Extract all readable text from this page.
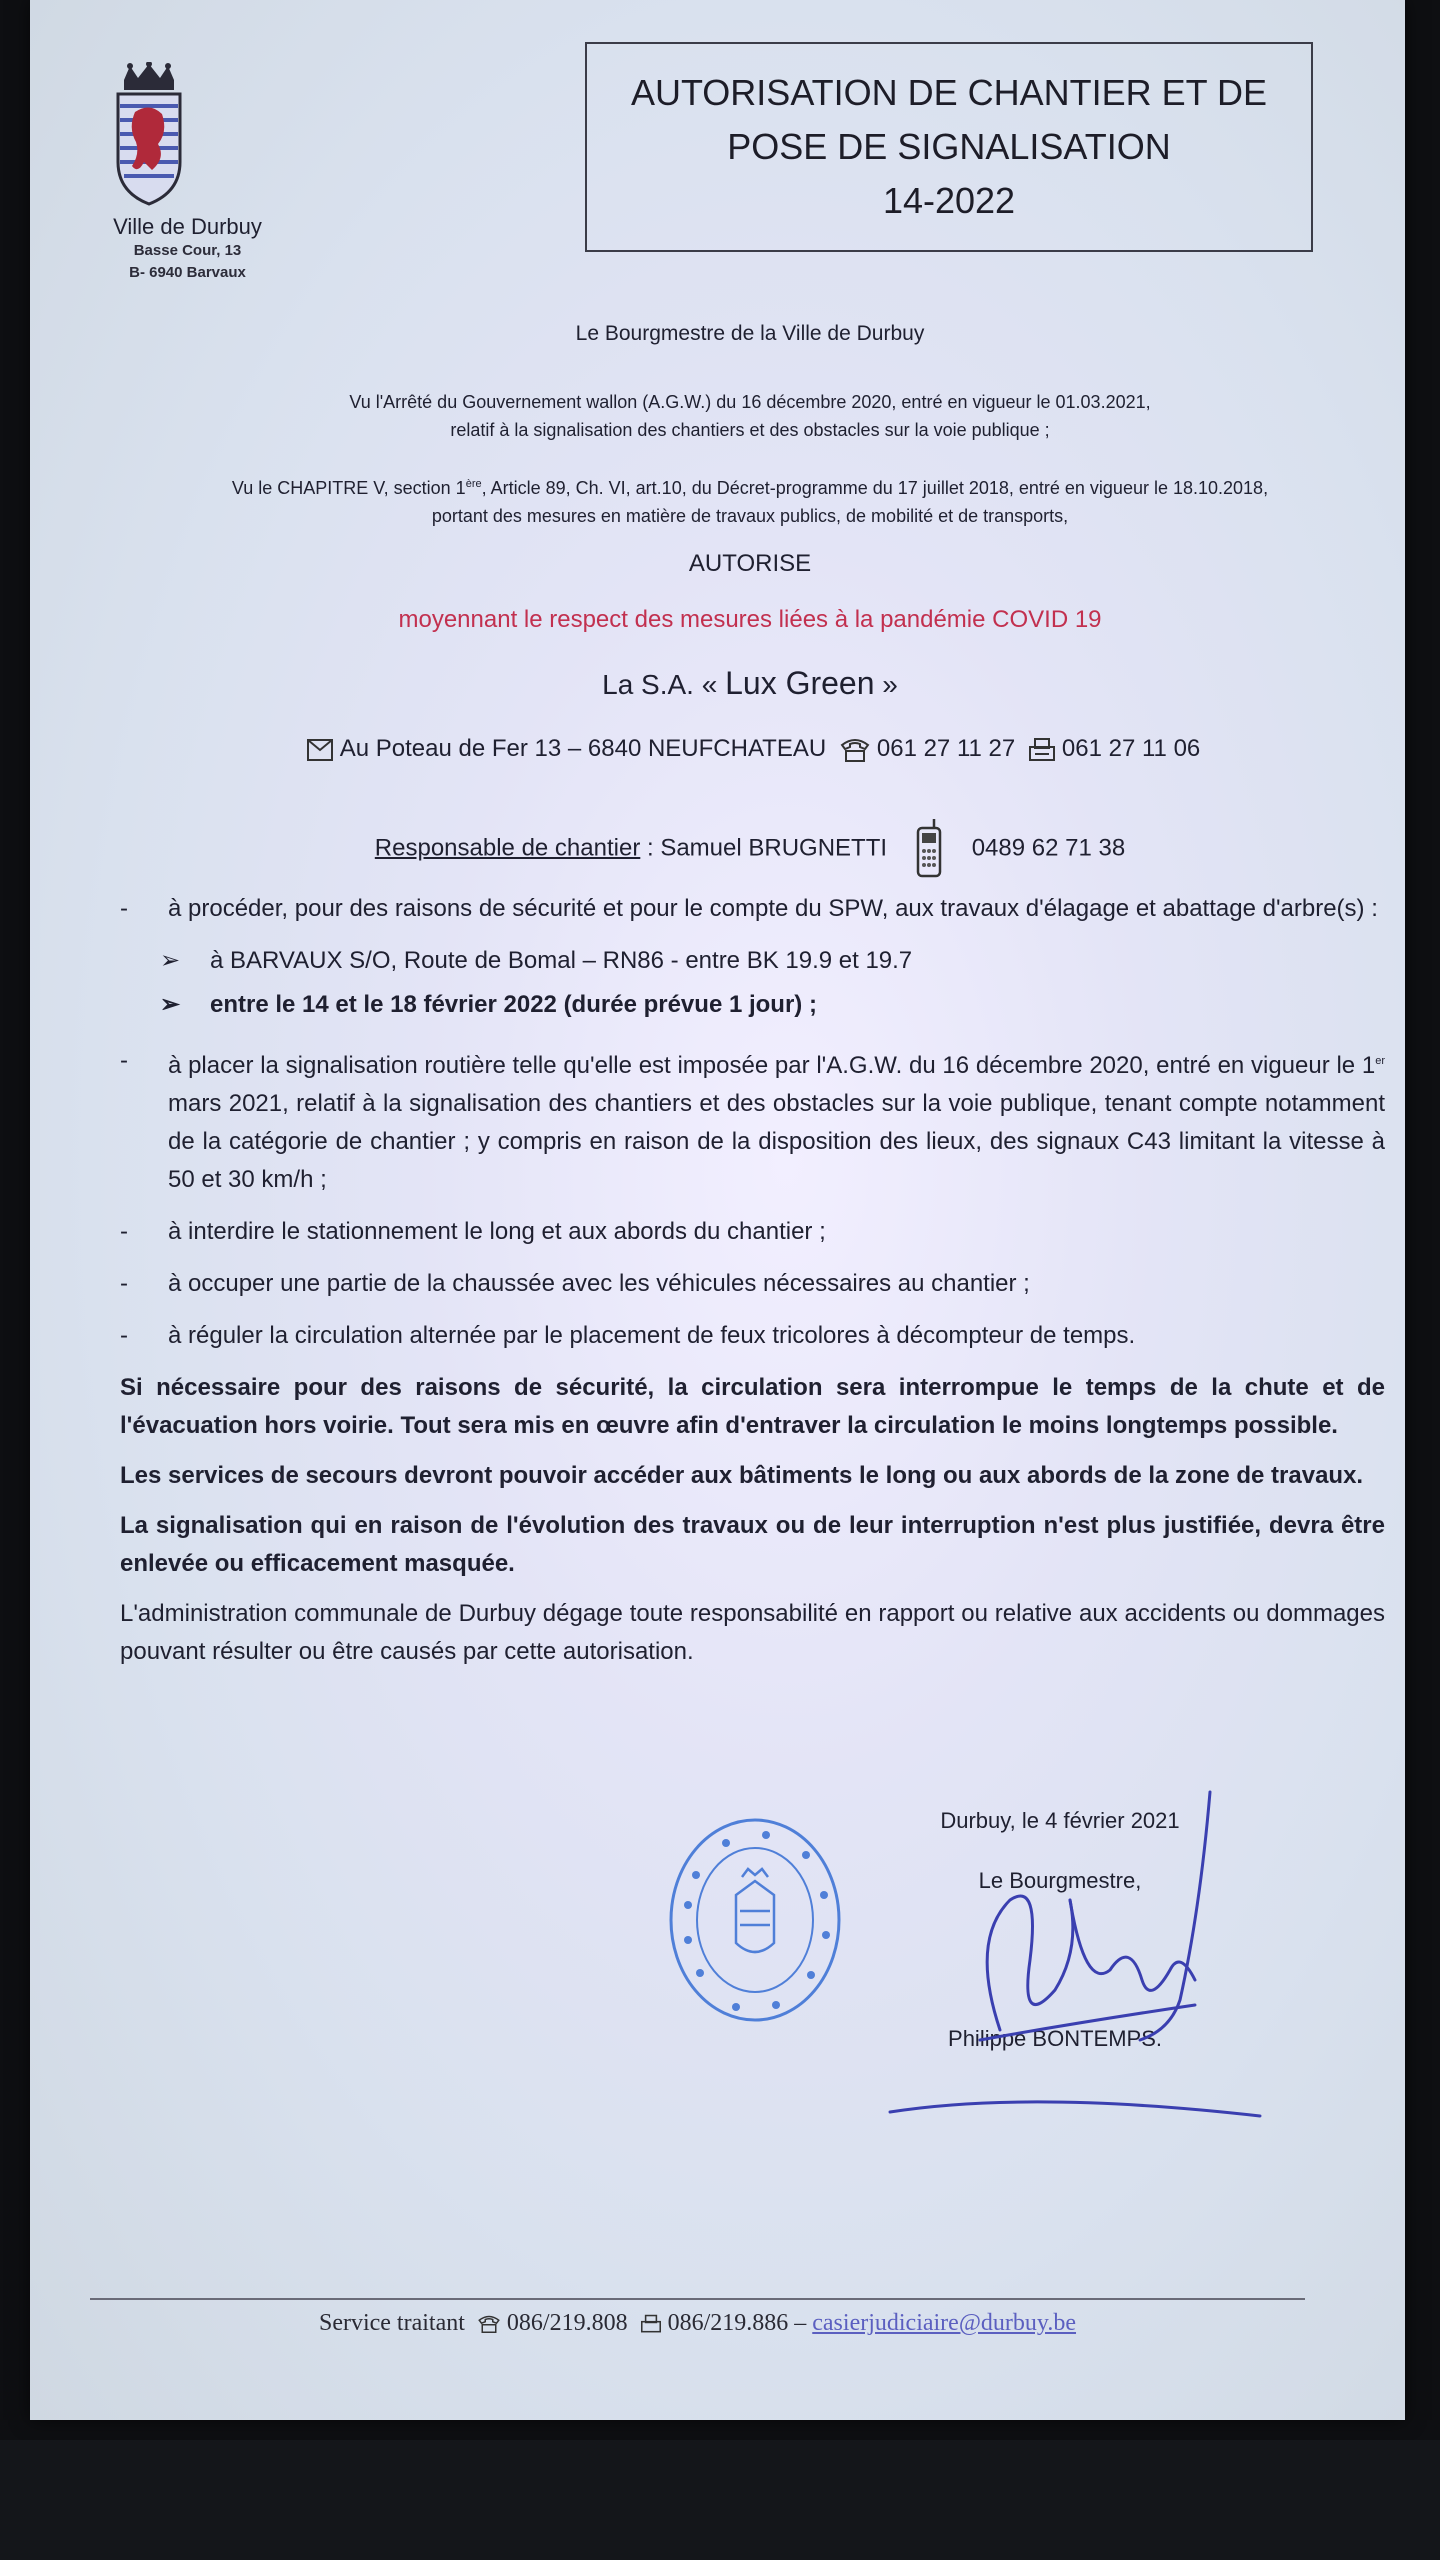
Ville de Durbuy
Basse Cour, 13
B- 6940 Barvaux
AUTORISATION DE CHANTIER ET DE
POSE DE SIGNALISATION
14-2022
Le Bourgmestre de la Ville de Durbuy
Vu l'Arrêté du Gouvernement wallon (A.G.W.) du 16 décembre 2020, entré en vigueur le 01.03.2021,
relatif à la signalisation des chantiers et des obstacles sur la voie publique ;
Vu le CHAPITRE V, section 1ère, Article 89, Ch. VI, art.10, du Décret-programme du 17 juillet 2018, entré en vigueur le 18.10.2018,
portant des mesures en matière de travaux publics, de mobilité et de transports,
AUTORISE
moyennant le respect des mesures liées à la pandémie COVID 19
La S.A. « Lux Green »
Au Poteau de Fer 13 – 6840 NEUFCHATEAU 061 27 11 27 061 27 11 06
Responsable de chantier : Samuel BRUGNETTI	0489 62 71 38
- à procéder, pour des raisons de sécurité et pour le compte du SPW, aux travaux d'élagage et abattage d'arbre(s) :
➢ à BARVAUX S/O, Route de Bomal – RN86 - entre BK 19.9 et 19.7
➢ entre le 14 et le 18 février 2022 (durée prévue 1 jour) ;
- à placer la signalisation routière telle qu'elle est imposée par l'A.G.W. du 16 décembre 2020, entré en vigueur le 1er mars 2021, relatif à la signalisation des chantiers et des obstacles sur la voie publique, tenant compte notamment de la catégorie de chantier ; y compris en raison de la disposition des lieux, des signaux C43 limitant la vitesse à 50 et 30 km/h ;
- à interdire le stationnement le long et aux abords du chantier ;
- à occuper une partie de la chaussée avec les véhicules nécessaires au chantier ;
- à réguler la circulation alternée par le placement de feux tricolores à décompteur de temps.
Si nécessaire pour des raisons de sécurité, la circulation sera interrompue le temps de la chute et de l'évacuation hors voirie. Tout sera mis en œuvre afin d'entraver la circulation le moins longtemps possible.
Les services de secours devront pouvoir accéder aux bâtiments le long ou aux abords de la zone de travaux.
La signalisation qui en raison de l'évolution des travaux ou de leur interruption n'est plus justifiée, devra être enlevée ou efficacement masquée.
L'administration communale de Durbuy dégage toute responsabilité en rapport ou relative aux accidents ou dommages pouvant résulter ou être causés par cette autorisation.
Durbuy, le 4 février 2021
Le Bourgmestre,
Philippe BONTEMPS.
Service traitant 086/219.808 086/219.886 – casierjudiciaire@durbuy.be
